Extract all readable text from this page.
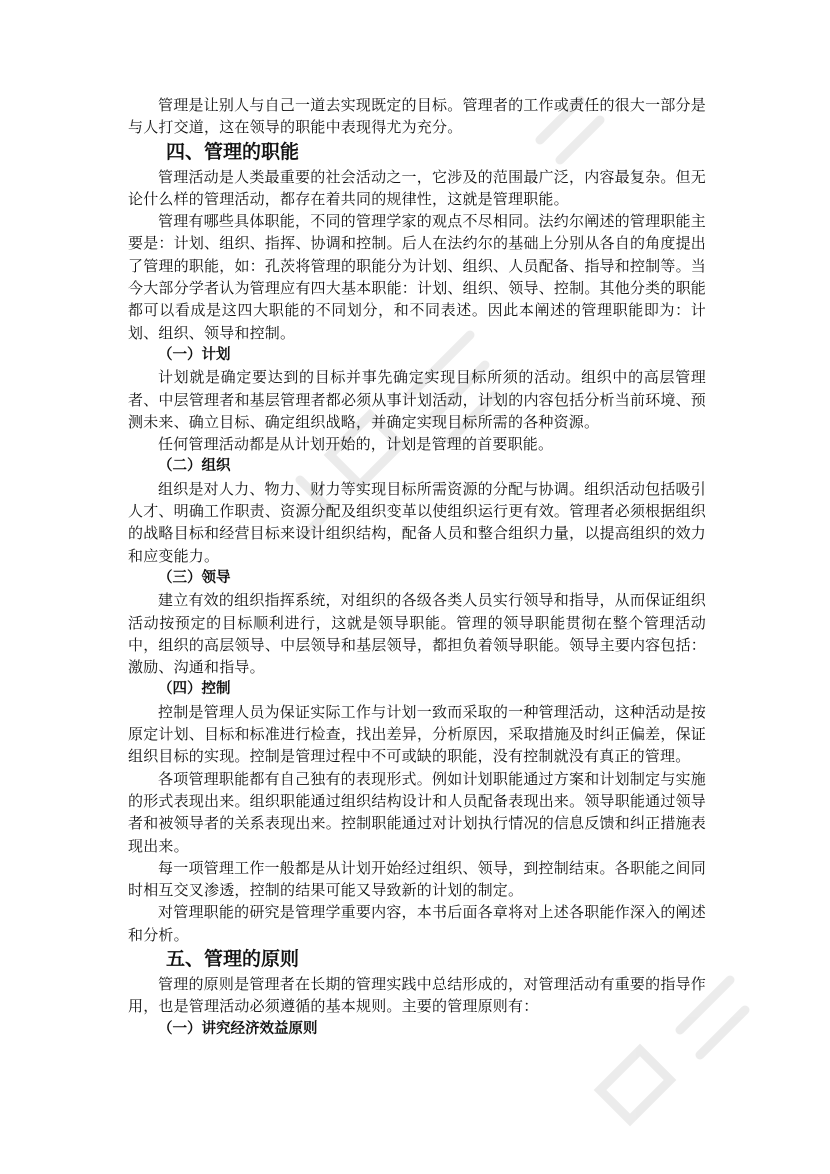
管理是让别人与自己一道去实现既定的目标。管理者的工作或责任的很大一部分是与人打交道，这在领导的职能中表现得尤为充分。

四、管理的职能

管理活动是人类最重要的社会活动之一，它涉及的范围最广泛，内容最复杂。但无论什么样的管理活动，都存在着共同的规律性，这就是管理职能。

管理有哪些具体职能，不同的管理学家的观点不尽相同。法约尔阐述的管理职能主要是：计划、组织、指挥、协调和控制。后人在法约尔的基础上分别从各自的角度提出了管理的职能，如：孔茨将管理的职能分为计划、组织、人员配备、指导和控制等。当今大部分学者认为管理应有四大基本职能：计划、组织、领导、控制。其他分类的职能都可以看成是这四大职能的不同划分，和不同表述。因此本阐述的管理职能即为：计划、组织、领导和控制。

（一）计划

计划就是确定要达到的目标并事先确定实现目标所须的活动。组织中的高层管理者、中层管理者和基层管理者都必须从事计划活动，计划的内容包括分析当前环境、预测未来、确立目标、确定组织战略，并确定实现目标所需的各种资源。

任何管理活动都是从计划开始的，计划是管理的首要职能。

（二）组织

组织是对人力、物力、财力等实现目标所需资源的分配与协调。组织活动包括吸引人才、明确工作职责、资源分配及组织变革以使组织运行更有效。管理者必须根据组织的战略目标和经营目标来设计组织结构，配备人员和整合组织力量，以提高组织的效力和应变能力。

（三）领导

建立有效的组织指挥系统，对组织的各级各类人员实行领导和指导，从而保证组织活动按预定的目标顺利进行，这就是领导职能。管理的领导职能贯彻在整个管理活动中，组织的高层领导、中层领导和基层领导，都担负着领导职能。领导主要内容包括：激励、沟通和指导。

（四）控制

控制是管理人员为保证实际工作与计划一致而采取的一种管理活动，这种活动是按原定计划、目标和标准进行检查，找出差异，分析原因，采取措施及时纠正偏差，保证组织目标的实现。控制是管理过程中不可或缺的职能，没有控制就没有真正的管理。

各项管理职能都有自己独有的表现形式。例如计划职能通过方案和计划制定与实施的形式表现出来。组织职能通过组织结构设计和人员配备表现出来。领导职能通过领导者和被领导者的关系表现出来。控制职能通过对计划执行情况的信息反馈和纠正措施表现出来。

每一项管理工作一般都是从计划开始经过组织、领导，到控制结束。各职能之间同时相互交叉渗透，控制的结果可能又导致新的计划的制定。

对管理职能的研究是管理学重要内容，本书后面各章将对上述各职能作深入的阐述和分析。

五、管理的原则

管理的原则是管理者在长期的管理实践中总结形成的，对管理活动有重要的指导作用，也是管理活动必须遵循的基本规则。主要的管理原则有：

（一）讲究经济效益原则
